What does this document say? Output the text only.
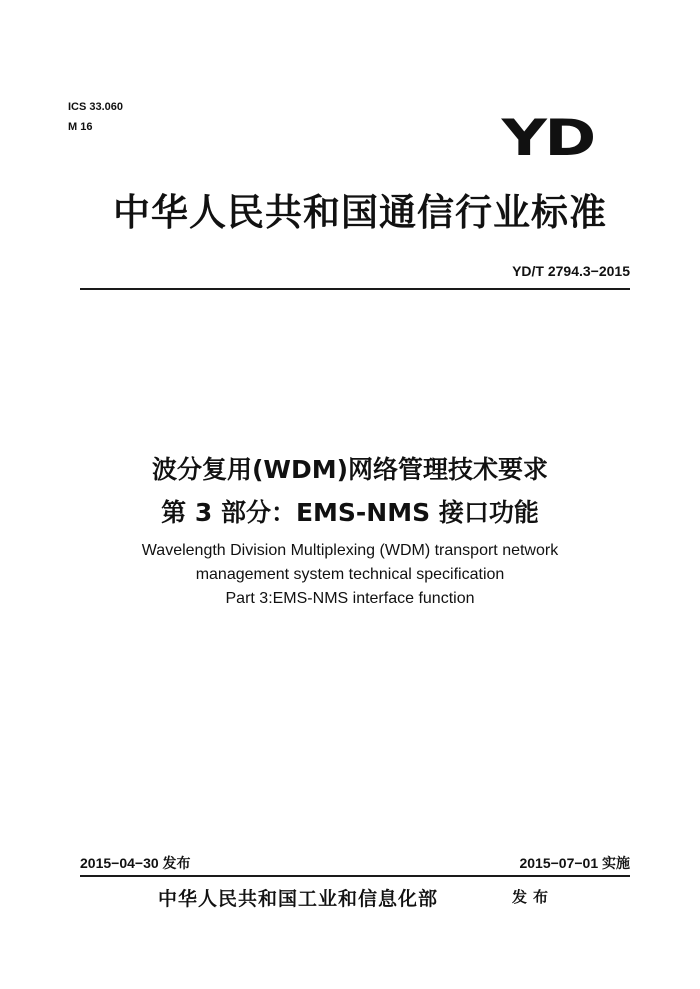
ICS 33.060
M 16	YD
中华人民共和国通信行业标准
YD/T 2794.3−2015
波分复用(WDM)网络管理技术要求
第 3 部分：EMS-NMS 接口功能
Wavelength Division Multiplexing (WDM) transport network
management system technical specification
Part 3:EMS-NMS interface function
2015−04−30 发布	2015−07−01 实施
中华人民共和国工业和信息化部	发布
